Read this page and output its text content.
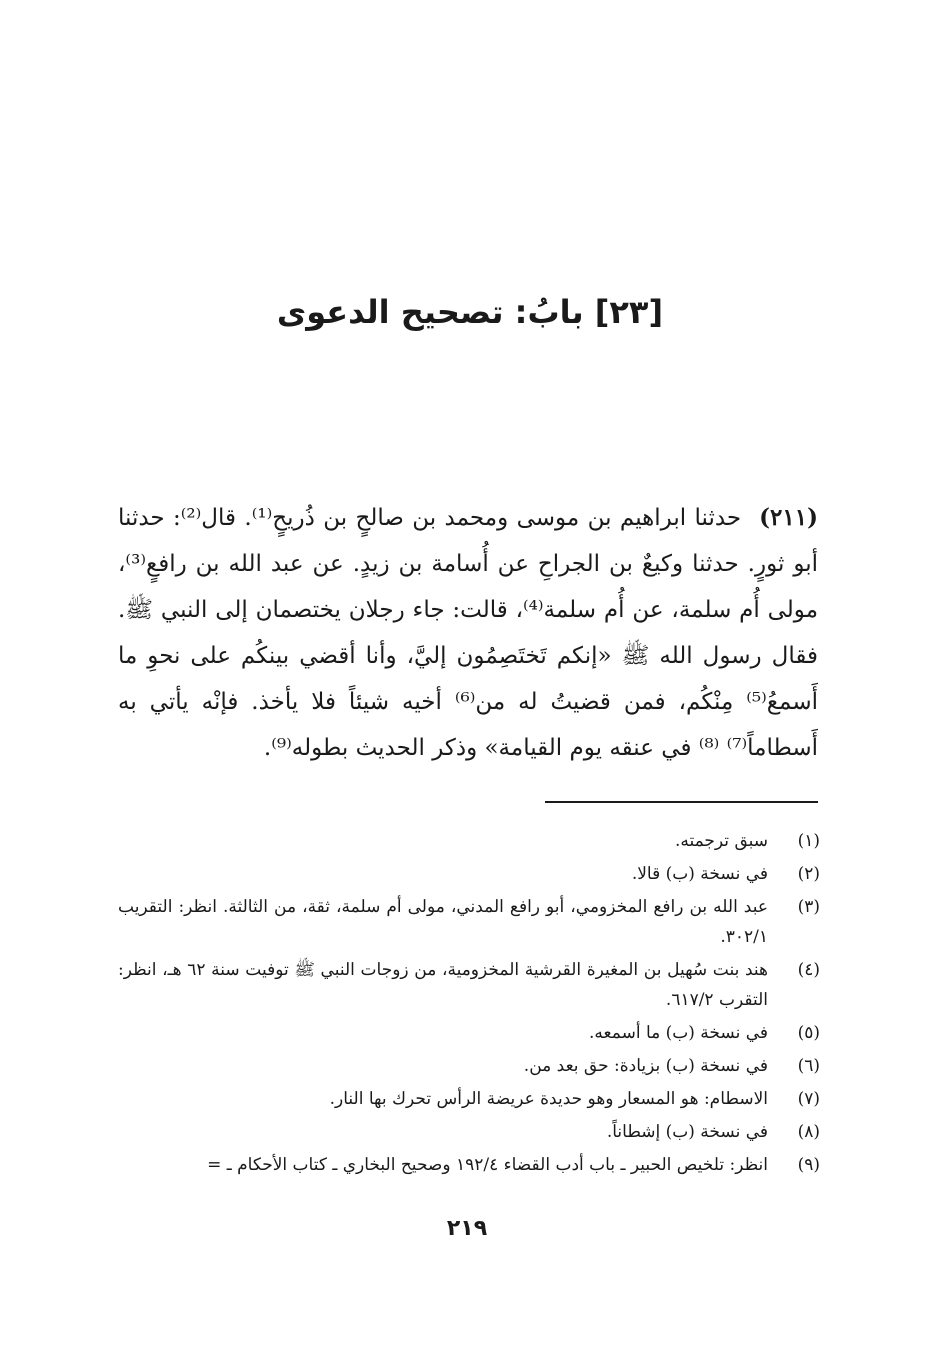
[٢٣] بابُ: تصحيح الدعوى

(٢١١)حدثنا ابراهيم بن موسى ومحمد بن صالحٍ بن ذُريحٍ⁽¹⁾. قال⁽²⁾: حدثنا أبو ثورٍ. حدثنا وكيعٌ بن الجراحِ عن أُسامة بن زيدٍ. عن عبد الله بن رافعٍ⁽³⁾، مولى أُم سلمة، عن أُم سلمة⁽⁴⁾، قالت: جاء رجلان يختصمان إلى النبي ﷺ. فقال رسول الله ﷺ «إنكم تَختَصِمُون إليَّ، وأنا أقضي بينكُم على نحوِ ما أَسمعُ⁽⁵⁾ مِنْكُم، فمن قضيتُ له من⁽⁶⁾ أخيه شيئاً فلا يأخذ. فإنْه يأتي به أَسطاماً⁽⁷⁾ ⁽⁸⁾ في عنقه يوم القيامة» وذكر الحديث بطوله⁽⁹⁾.

(١)
سبق ترجمته.
(٢)
في نسخة (ب) قالا.
(٣)
عبد الله بن رافع المخزومي، أبو رافع المدني، مولى أم سلمة، ثقة، من الثالثة. انظر: التقريب ٣٠٢/١.
(٤)
هند بنت سُهيل بن المغيرة القرشية المخزومية، من زوجات النبي ﷺ توفيت سنة ٦٢ هـ، انظر: التقرب ٦١٧/٢.
(٥)
في نسخة (ب) ما أسمعه.
(٦)
في نسخة (ب) بزيادة: حق بعد من.
(٧)
الاسطام: هو المسعار وهو حديدة عريضة الرأس تحرك بها النار.
(٨)
في نسخة (ب) إشطاناً.
(٩)
انظر: تلخيص الحبير ـ باب أدب القضاء ١٩٢/٤ وصحيح البخاري ـ كتاب الأحكام ـ =
٢١٩
